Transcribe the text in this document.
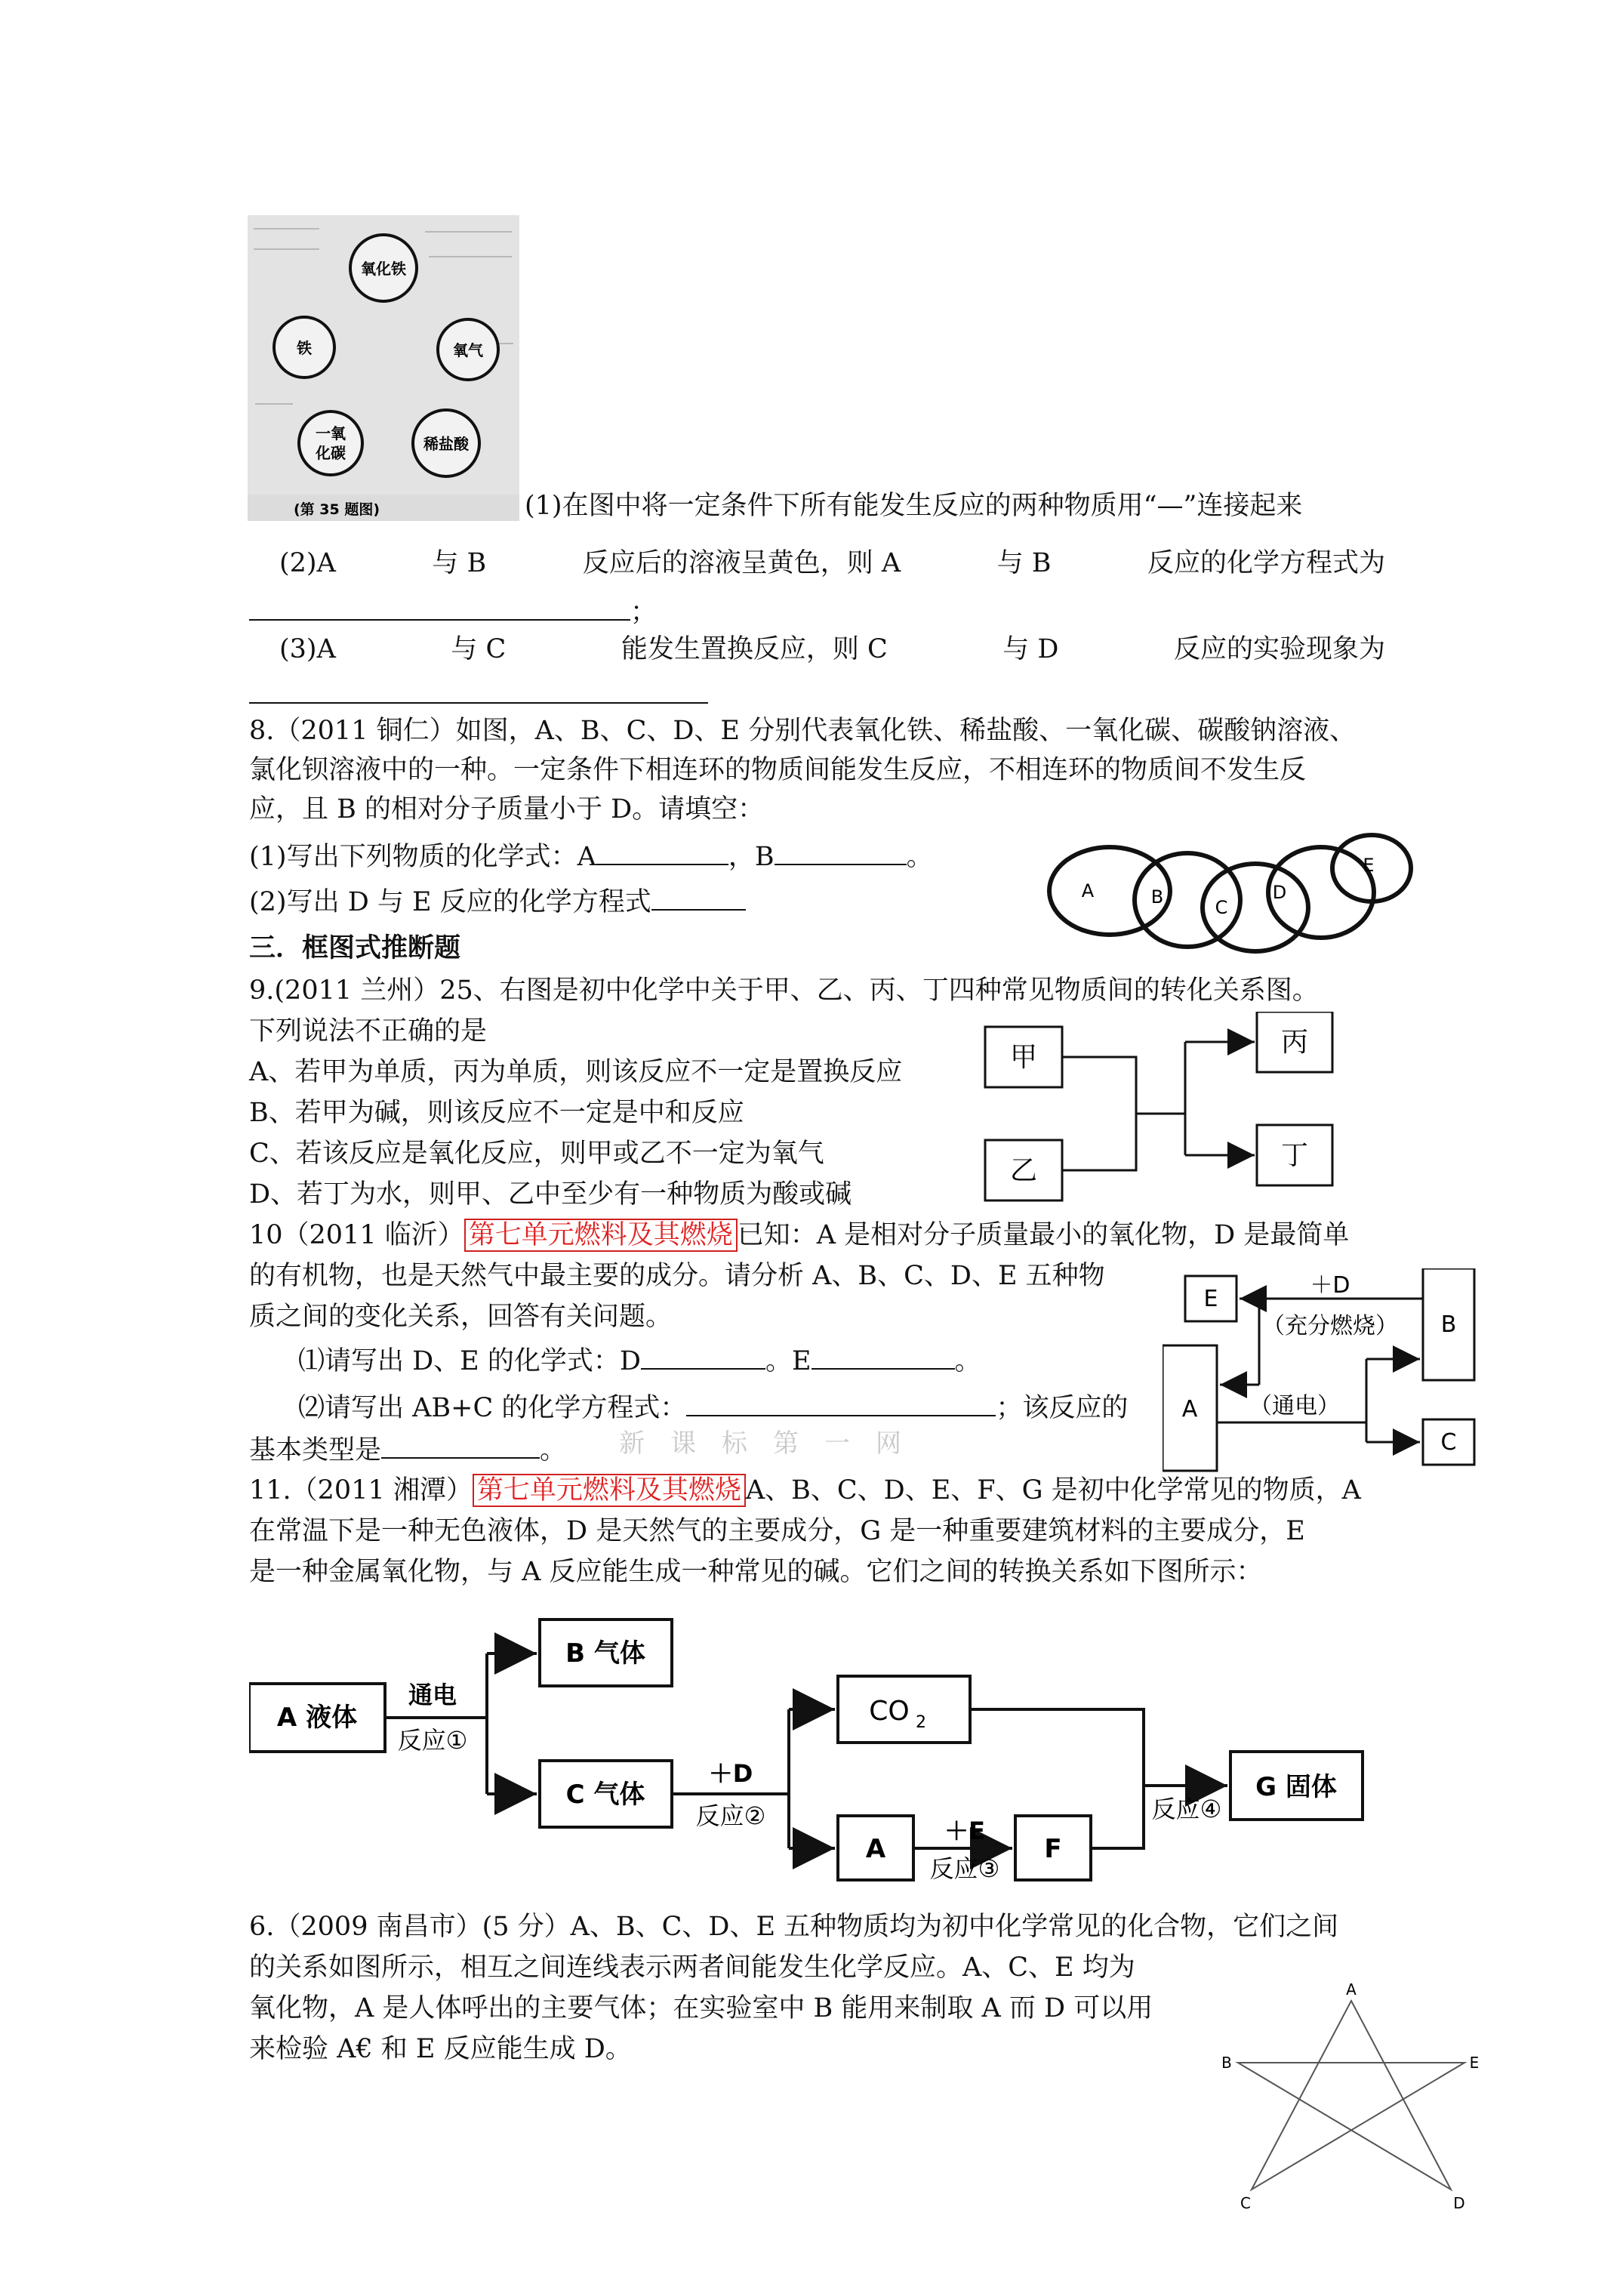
氧化铁
铁	氧气
一氧
化碳	稀盐酸
(第 35 题图)	(1)在图中将一定条件下所有能发生反应的两种物质用“—”连接起来
(2)A	与 B	反应后的溶液呈黄色，则 A	与 B	反应的化学方程式为
；
(3)A	与 C	能发生置换反应，则 C	与 D	反应的实验现象为
8.（2011 铜仁）如图，A、B、C、D、E 分别代表氧化铁、稀盐酸、一氧化碳、碳酸钠溶液、
氯化钡溶液中的一种。一定条件下相连环的物质间能发生反应，不相连环的物质间不发生反
应，且 B 的相对分子质量小于 D。请填空：
(1)写出下列物质的化学式：A	，B	。
(2)写出 D 与 E 反应的化学方程式	A	B	C
D
E
三．框图式推断题
9.(2011 兰州）25、右图是初中化学中关于甲、乙、丙、丁四种常见物质间的转化关系图。
下列说法不正确的是
A、若甲为单质，丙为单质，则该反应不一定是置换反应
B、若甲为碱，则该反应不一定是中和反应
C、若该反应是氧化反应，则甲或乙不一定为氧气
D、若丁为水，则甲、乙中至少有一种物质为酸或碱
甲
乙
丙
丁
10（2011 临沂） 第七单元燃料及其燃烧 已知：A 是相对分子质量最小的氧化物，D 是最简单
的有机物，也是天然气中最主要的成分。请分析 A、B、C、D、E 五种物
质之间的变化关系，回答有关问题。
⑴请写出 D、E 的化学式：D	。E	。
⑵请写出 AB+C 的化学方程式：	；该反应的
基本类型是	。 新课标第一网
E
B
A
C
＋D
（充分燃烧）
（通电）
11.（2011 湘潭） 第七单元燃料及其燃烧 A、B、C、D、E、F、G 是初中化学常见的物质，A
在常温下是一种无色液体，D 是天然气的主要成分，G 是一种重要建筑材料的主要成分，E
是一种金属氧化物，与 A 反应能生成一种常见的碱。它们之间的转换关系如下图所示：
A 液体
B 气体
C 气体
CO 2
A	F
G 固体
通电
反应①
＋D
反应②
＋E
反应③
反应④
6.（2009 南昌市）(5 分）A、B、C、D、E 五种物质均为初中化学常见的化合物，它们之间
的关系如图所示，相互之间连线表示两者间能发生化学反应。A、C、E 均为
氧化物，A 是人体呼出的主要气体；在实验室中 B 能用来制取 A 而 D 可以用
来检验 A€ 和 E 反应能生成 D。
A
B	E
C	D
